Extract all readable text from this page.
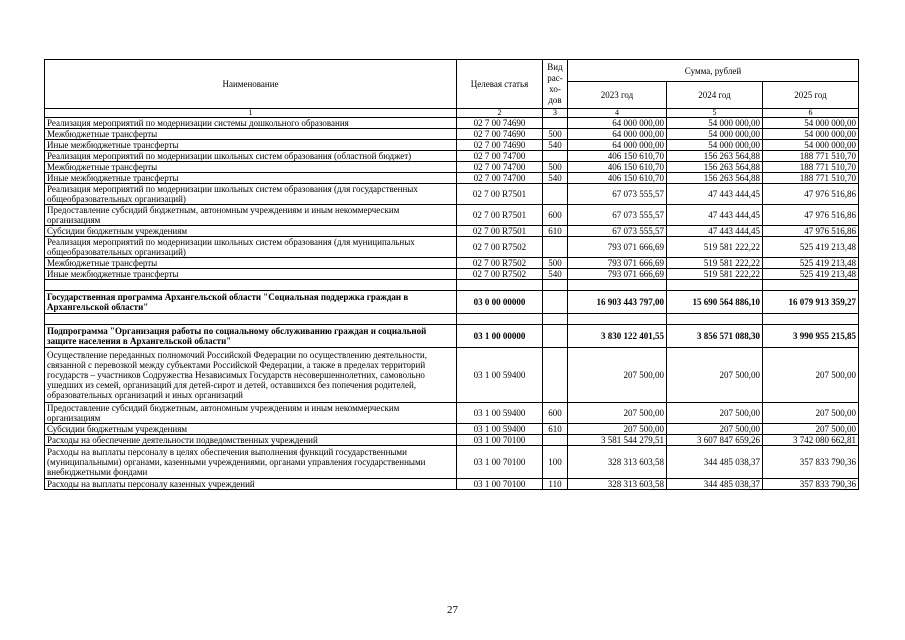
Наименование	Целевая статья	Вид рас-хо-дов	Сумма, рублей		
			2023 год	2024 год	2025 год
1	2	3	4	5	6
Реализация мероприятий по модернизации системы дошкольного образования	02 7 00 74690		64 000 000,00	54 000 000,00	54 000 000,00
Межбюджетные трансферты	02 7 00 74690	500	64 000 000,00	54 000 000,00	54 000 000,00
Иные межбюджетные трансферты	02 7 00 74690	540	64 000 000,00	54 000 000,00	54 000 000,00
Реализация мероприятий по модернизации школьных систем образования (областной бюджет)	02 7 00 74700		406 150 610,70	156 263 564,88	188 771 510,70
Межбюджетные трансферты	02 7 00 74700	500	406 150 610,70	156 263 564,88	188 771 510,70
Иные межбюджетные трансферты	02 7 00 74700	540	406 150 610,70	156 263 564,88	188 771 510,70
Реализация мероприятий по модернизации школьных систем образования (для государственных общеобразовательных организаций)	02 7 00 R7501		67 073 555,57	47 443 444,45	47 976 516,86
Предоставление субсидий бюджетным, автономным учреждениям и иным некоммерческим организациям	02 7 00 R7501	600	67 073 555,57	47 443 444,45	47 976 516,86
Субсидии бюджетным учреждениям	02 7 00 R7501	610	67 073 555,57	47 443 444,45	47 976 516,86
Реализация мероприятий по модернизации школьных систем образования (для муниципальных общеобразовательных организаций)	02 7 00 R7502		793 071 666,69	519 581 222,22	525 419 213,48
Межбюджетные трансферты	02 7 00 R7502	500	793 071 666,69	519 581 222,22	525 419 213,48
Иные межбюджетные трансферты	02 7 00 R7502	540	793 071 666,69	519 581 222,22	525 419 213,48

Государственная программа Архангельской области "Социальная поддержка граждан в Архангельской области"	03 0 00 00000		16 903 443 797,00	15 690 564 886,10	16 079 913 359,27

Подпрограмма "Организация работы по социальному обслуживанию граждан и социальной защите населения в Архангельской области"	03 1 00 00000		3 830 122 401,55	3 856 571 088,30	3 990 955 215,85
Осуществление переданных полномочий Российской Федерации по осуществлению деятельности, связанной с перевозкой между субъектами Российской Федерации, а также в пределах территорий государств – участников Содружества Независимых Государств несовершеннолетних, самовольно ушедших из семей, организаций для детей-сирот и детей, оставшихся без попечения родителей, образовательных организаций и иных организаций	03 1 00 59400		207 500,00	207 500,00	207 500,00
Предоставление субсидий бюджетным, автономным учреждениям и иным некоммерческим организациям	03 1 00 59400	600	207 500,00	207 500,00	207 500,00
Субсидии бюджетным учреждениям	03 1 00 59400	610	207 500,00	207 500,00	207 500,00
Расходы на обеспечение деятельности подведомственных учреждений	03 1 00 70100		3 581 544 279,51	3 607 847 659,26	3 742 080 662,81
Расходы на выплаты персоналу в целях обеспечения выполнения функций государственными (муниципальными) органами, казенными учреждениями, органами управления государственными внебюджетными фондами	03 1 00 70100	100	328 313 603,58	344 485 038,37	357 833 790,36
Расходы на выплаты персоналу казенных учреждений	03 1 00 70100	110	328 313 603,58	344 485 038,37	357 833 790,36
27
